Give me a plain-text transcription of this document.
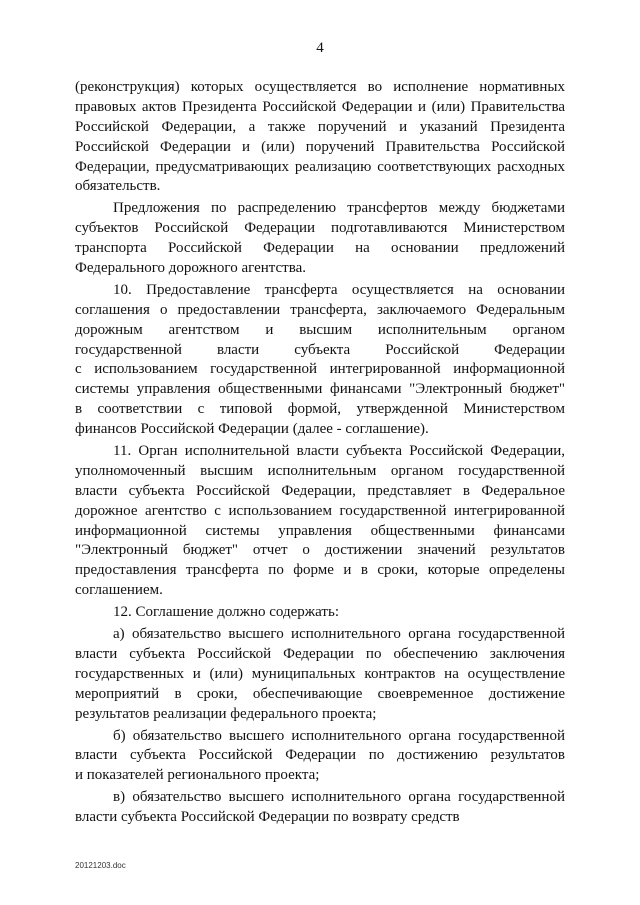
4
(реконструкция) которых осуществляется во исполнение нормативных
правовых актов Президента Российской Федерации и (или) Правительства
Российской Федерации, а также поручений и указаний Президента
Российской Федерации и (или) поручений Правительства Российской
Федерации, предусматривающих реализацию соответствующих расходных
обязательств.
Предложения по распределению трансфертов между бюджетами
субъектов Российской Федерации подготавливаются Министерством
транспорта Российской Федерации на основании предложений
Федерального дорожного агентства.
10. Предоставление трансферта осуществляется на основании
соглашения о предоставлении трансферта, заключаемого Федеральным
дорожным агентством и высшим исполнительным органом
государственной власти субъекта Российской Федерации
с использованием государственной интегрированной информационной
системы управления общественными финансами "Электронный бюджет"
в соответствии с типовой формой, утвержденной Министерством
финансов Российской Федерации (далее - соглашение).
11. Орган исполнительной власти субъекта Российской Федерации,
уполномоченный высшим исполнительным органом государственной
власти субъекта Российской Федерации, представляет в Федеральное
дорожное агентство с использованием государственной интегрированной
информационной системы управления общественными финансами
"Электронный бюджет" отчет о достижении значений результатов
предоставления трансферта по форме и в сроки, которые определены
соглашением.
12. Соглашение должно содержать:
а) обязательство высшего исполнительного органа государственной
власти субъекта Российской Федерации по обеспечению заключения
государственных и (или) муниципальных контрактов на осуществление
мероприятий в сроки, обеспечивающие своевременное достижение
результатов реализации федерального проекта;
б) обязательство высшего исполнительного органа государственной
власти субъекта Российской Федерации по достижению результатов
и показателей регионального проекта;
в) обязательство высшего исполнительного органа государственной
власти субъекта Российской Федерации по возврату средств
20121203.doc
